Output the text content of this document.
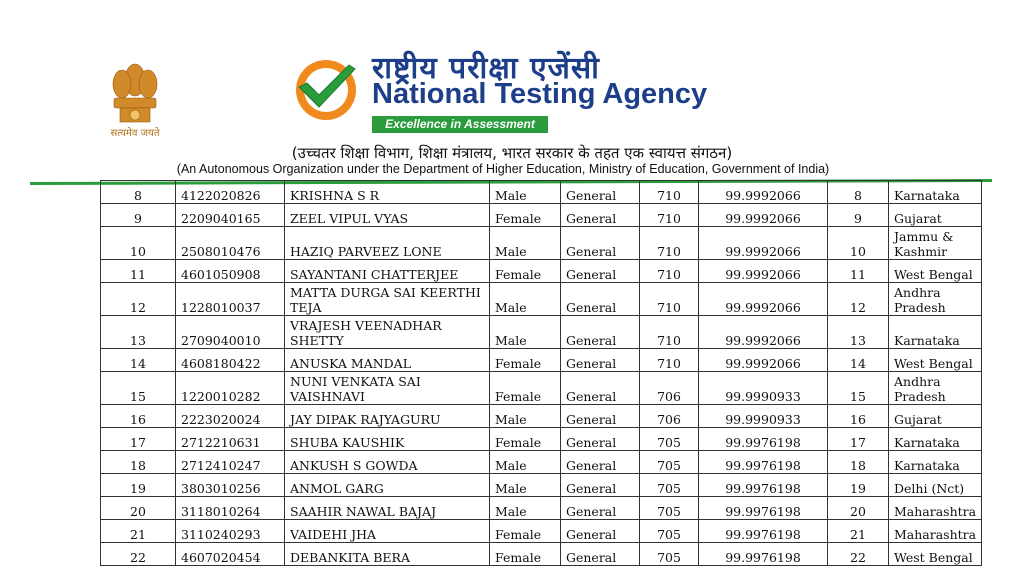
सत्यमेव जयते
राष्ट्रीय परीक्षा एजेंसी
National Testing Agency
Excellence in Assessment
(उच्चतर शिक्षा विभाग, शिक्षा मंत्रालय, भारत सरकार के तहत एक स्वायत्त संगठन)
(An Autonomous Organization under the Department of Higher Education, Ministry of Education, Government of India)
8	4122020826	KRISHNA S R	Male	General	710	99.9992066	8	Karnataka
9	2209040165	ZEEL VIPUL VYAS	Female	General	710	99.9992066	9	Gujarat
10	2508010476	HAZIQ PARVEEZ LONE	Male	General	710	99.9992066	10	Jammu & Kashmir
11	4601050908	SAYANTANI CHATTERJEE	Female	General	710	99.9992066	11	West Bengal
12	1228010037	MATTA DURGA SAI KEERTHI TEJA	Male	General	710	99.9992066	12	Andhra Pradesh
13	2709040010	VRAJESH VEENADHAR SHETTY	Male	General	710	99.9992066	13	Karnataka
14	4608180422	ANUSKA MANDAL	Female	General	710	99.9992066	14	West Bengal
15	1220010282	NUNI VENKATA SAI VAISHNAVI	Female	General	706	99.9990933	15	Andhra Pradesh
16	2223020024	JAY DIPAK RAJYAGURU	Male	General	706	99.9990933	16	Gujarat
17	2712210631	SHUBA KAUSHIK	Female	General	705	99.9976198	17	Karnataka
18	2712410247	ANKUSH S GOWDA	Male	General	705	99.9976198	18	Karnataka
19	3803010256	ANMOL GARG	Male	General	705	99.9976198	19	Delhi (Nct)
20	3118010264	SAAHIR NAWAL BAJAJ	Male	General	705	99.9976198	20	Maharashtra
21	3110240293	VAIDEHI JHA	Female	General	705	99.9976198	21	Maharashtra
22	4607020454	DEBANKITA BERA	Female	General	705	99.9976198	22	West Bengal
